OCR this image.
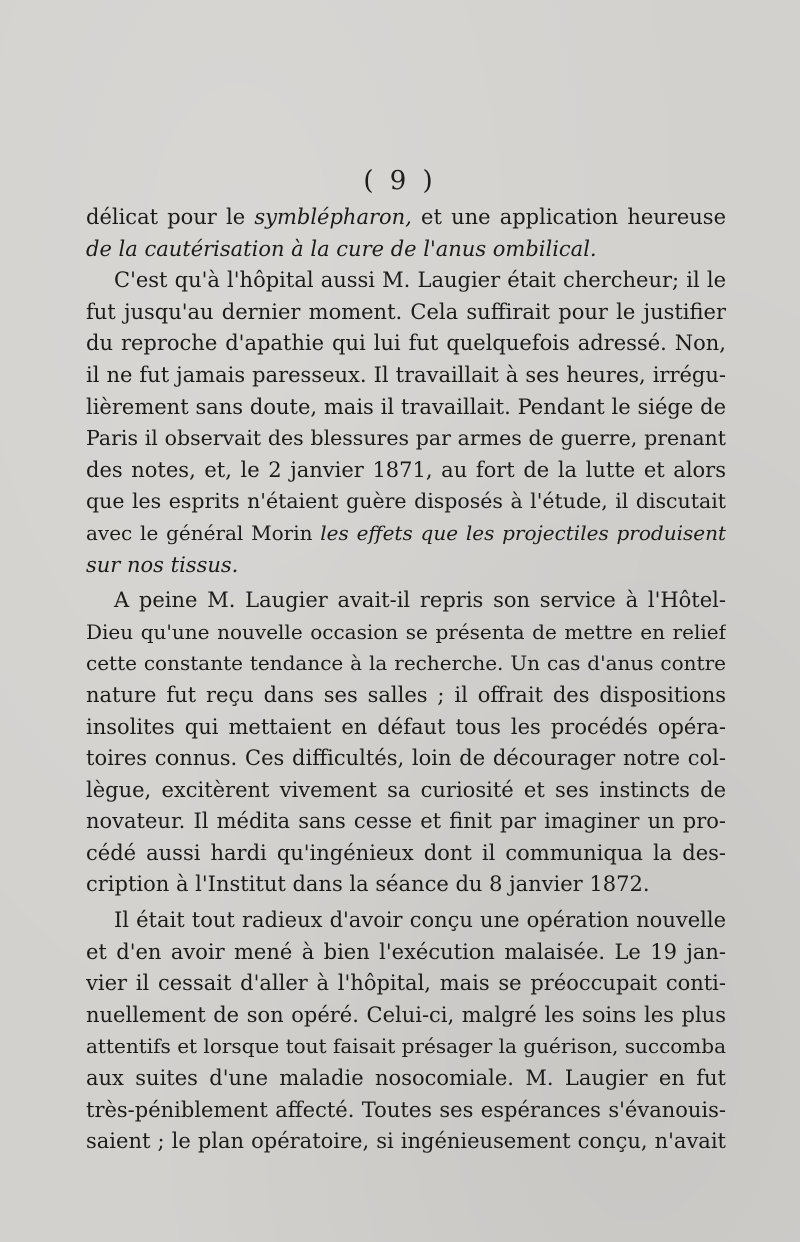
( 9 )
délicat pour le symblépharon, et une application heureuse
de la cautérisation à la cure de l'anus ombilical.
C'est qu'à l'hôpital aussi M. Laugier était chercheur; il le
fut jusqu'au dernier moment. Cela suffirait pour le justifier
du reproche d'apathie qui lui fut quelquefois adressé. Non,
il ne fut jamais paresseux. Il travaillait à ses heures, irrégu-
lièrement sans doute, mais il travaillait. Pendant le siége de
Paris il observait des blessures par armes de guerre, prenant
des notes, et, le 2 janvier 1871, au fort de la lutte et alors
que les esprits n'étaient guère disposés à l'étude, il discutait
avec le général Morin les effets que les projectiles produisent
sur nos tissus.
A peine M. Laugier avait-il repris son service à l'Hôtel-
Dieu qu'une nouvelle occasion se présenta de mettre en relief
cette constante tendance à la recherche. Un cas d'anus contre
nature fut reçu dans ses salles ; il offrait des dispositions
insolites qui mettaient en défaut tous les procédés opéra-
toires connus. Ces difficultés, loin de décourager notre col-
lègue, excitèrent vivement sa curiosité et ses instincts de
novateur. Il médita sans cesse et finit par imaginer un pro-
cédé aussi hardi qu'ingénieux dont il communiqua la des-
cription à l'Institut dans la séance du 8 janvier 1872.
Il était tout radieux d'avoir conçu une opération nouvelle
et d'en avoir mené à bien l'exécution malaisée. Le 19 jan-
vier il cessait d'aller à l'hôpital, mais se préoccupait conti-
nuellement de son opéré. Celui-ci, malgré les soins les plus
attentifs et lorsque tout faisait présager la guérison, succomba
aux suites d'une maladie nosocomiale. M. Laugier en fut
très-péniblement affecté. Toutes ses espérances s'évanouis-
saient ; le plan opératoire, si ingénieusement conçu, n'avait
